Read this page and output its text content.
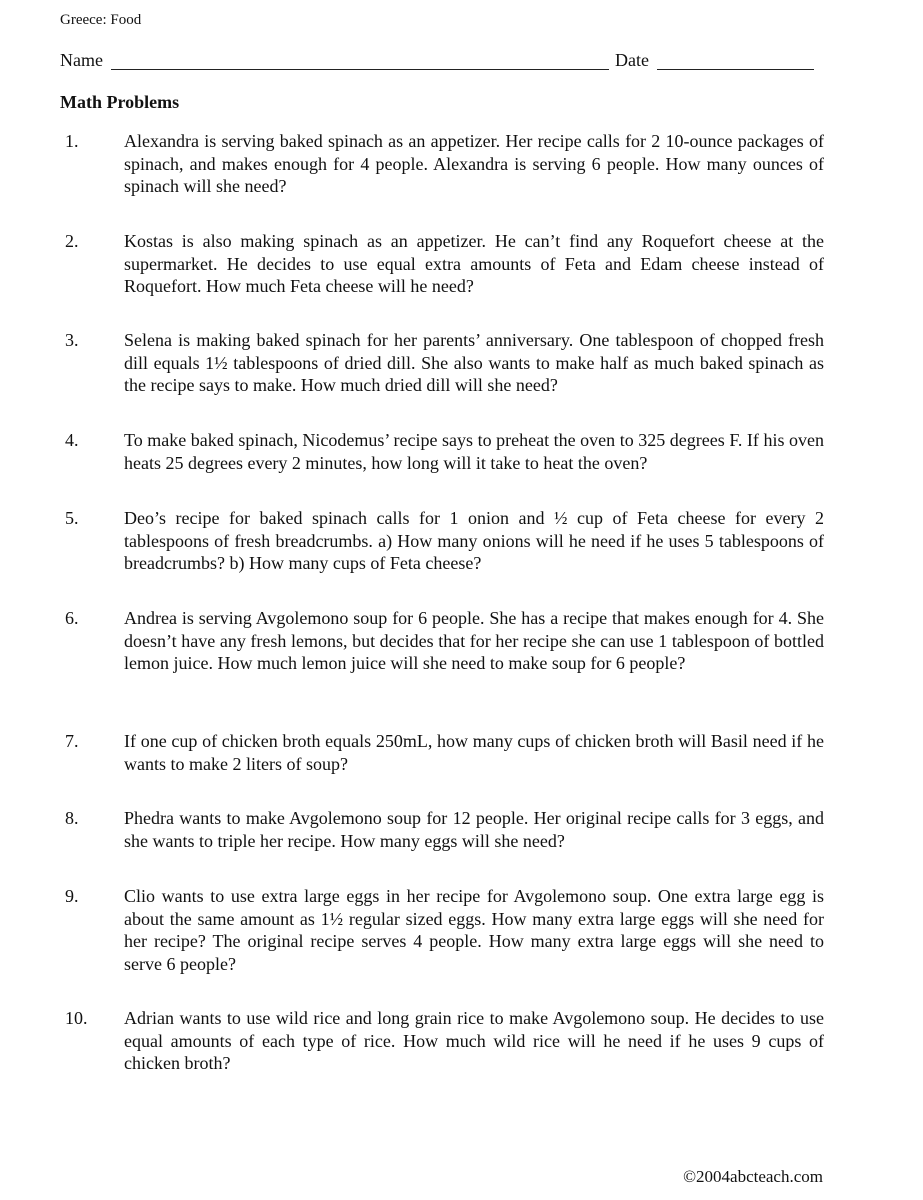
Greece: Food
Name	Date
Math Problems
1.	Alexandra is serving baked spinach as an appetizer. Her recipe calls for 2 10-ounce packages of spinach, and makes enough for 4 people. Alexandra is serving 6 people. How many ounces of spinach will she need?
2.	Kostas is also making spinach as an appetizer. He can’t find any Roquefort cheese at the supermarket. He decides to use equal extra amounts of Feta and Edam cheese instead of Roquefort. How much Feta cheese will he need?
3.	Selena is making baked spinach for her parents’ anniversary. One tablespoon of chopped fresh dill equals 1½ tablespoons of dried dill. She also wants to make half as much baked spinach as the recipe says to make. How much dried dill will she need?
4.	To make baked spinach, Nicodemus’ recipe says to preheat the oven to 325 degrees F. If his oven heats 25 degrees every 2 minutes, how long will it take to heat the oven?
5.	Deo’s recipe for baked spinach calls for 1 onion and ½ cup of Feta cheese for every 2 tablespoons of fresh breadcrumbs. a) How many onions will he need if he uses 5 tablespoons of breadcrumbs? b) How many cups of Feta cheese?
6.	Andrea is serving Avgolemono soup for 6 people. She has a recipe that makes enough for 4. She doesn’t have any fresh lemons, but decides that for her recipe she can use 1 tablespoon of bottled lemon juice. How much lemon juice will she need to make soup for 6 people?
7.	If one cup of chicken broth equals 250mL, how many cups of chicken broth will Basil need if he wants to make 2 liters of soup?
8.	Phedra wants to make Avgolemono soup for 12 people. Her original recipe calls for 3 eggs, and she wants to triple her recipe. How many eggs will she need?
9.	Clio wants to use extra large eggs in her recipe for Avgolemono soup. One extra large egg is about the same amount as 1½ regular sized eggs. How many extra large eggs will she need for her recipe? The original recipe serves 4 people. How many extra large eggs will she need to serve 6 people?
10. Adrian wants to use wild rice and long grain rice to make Avgolemono soup. He decides to use equal amounts of each type of rice. How much wild rice will he need if he uses 9 cups of chicken broth?
©2004abcteach.com
